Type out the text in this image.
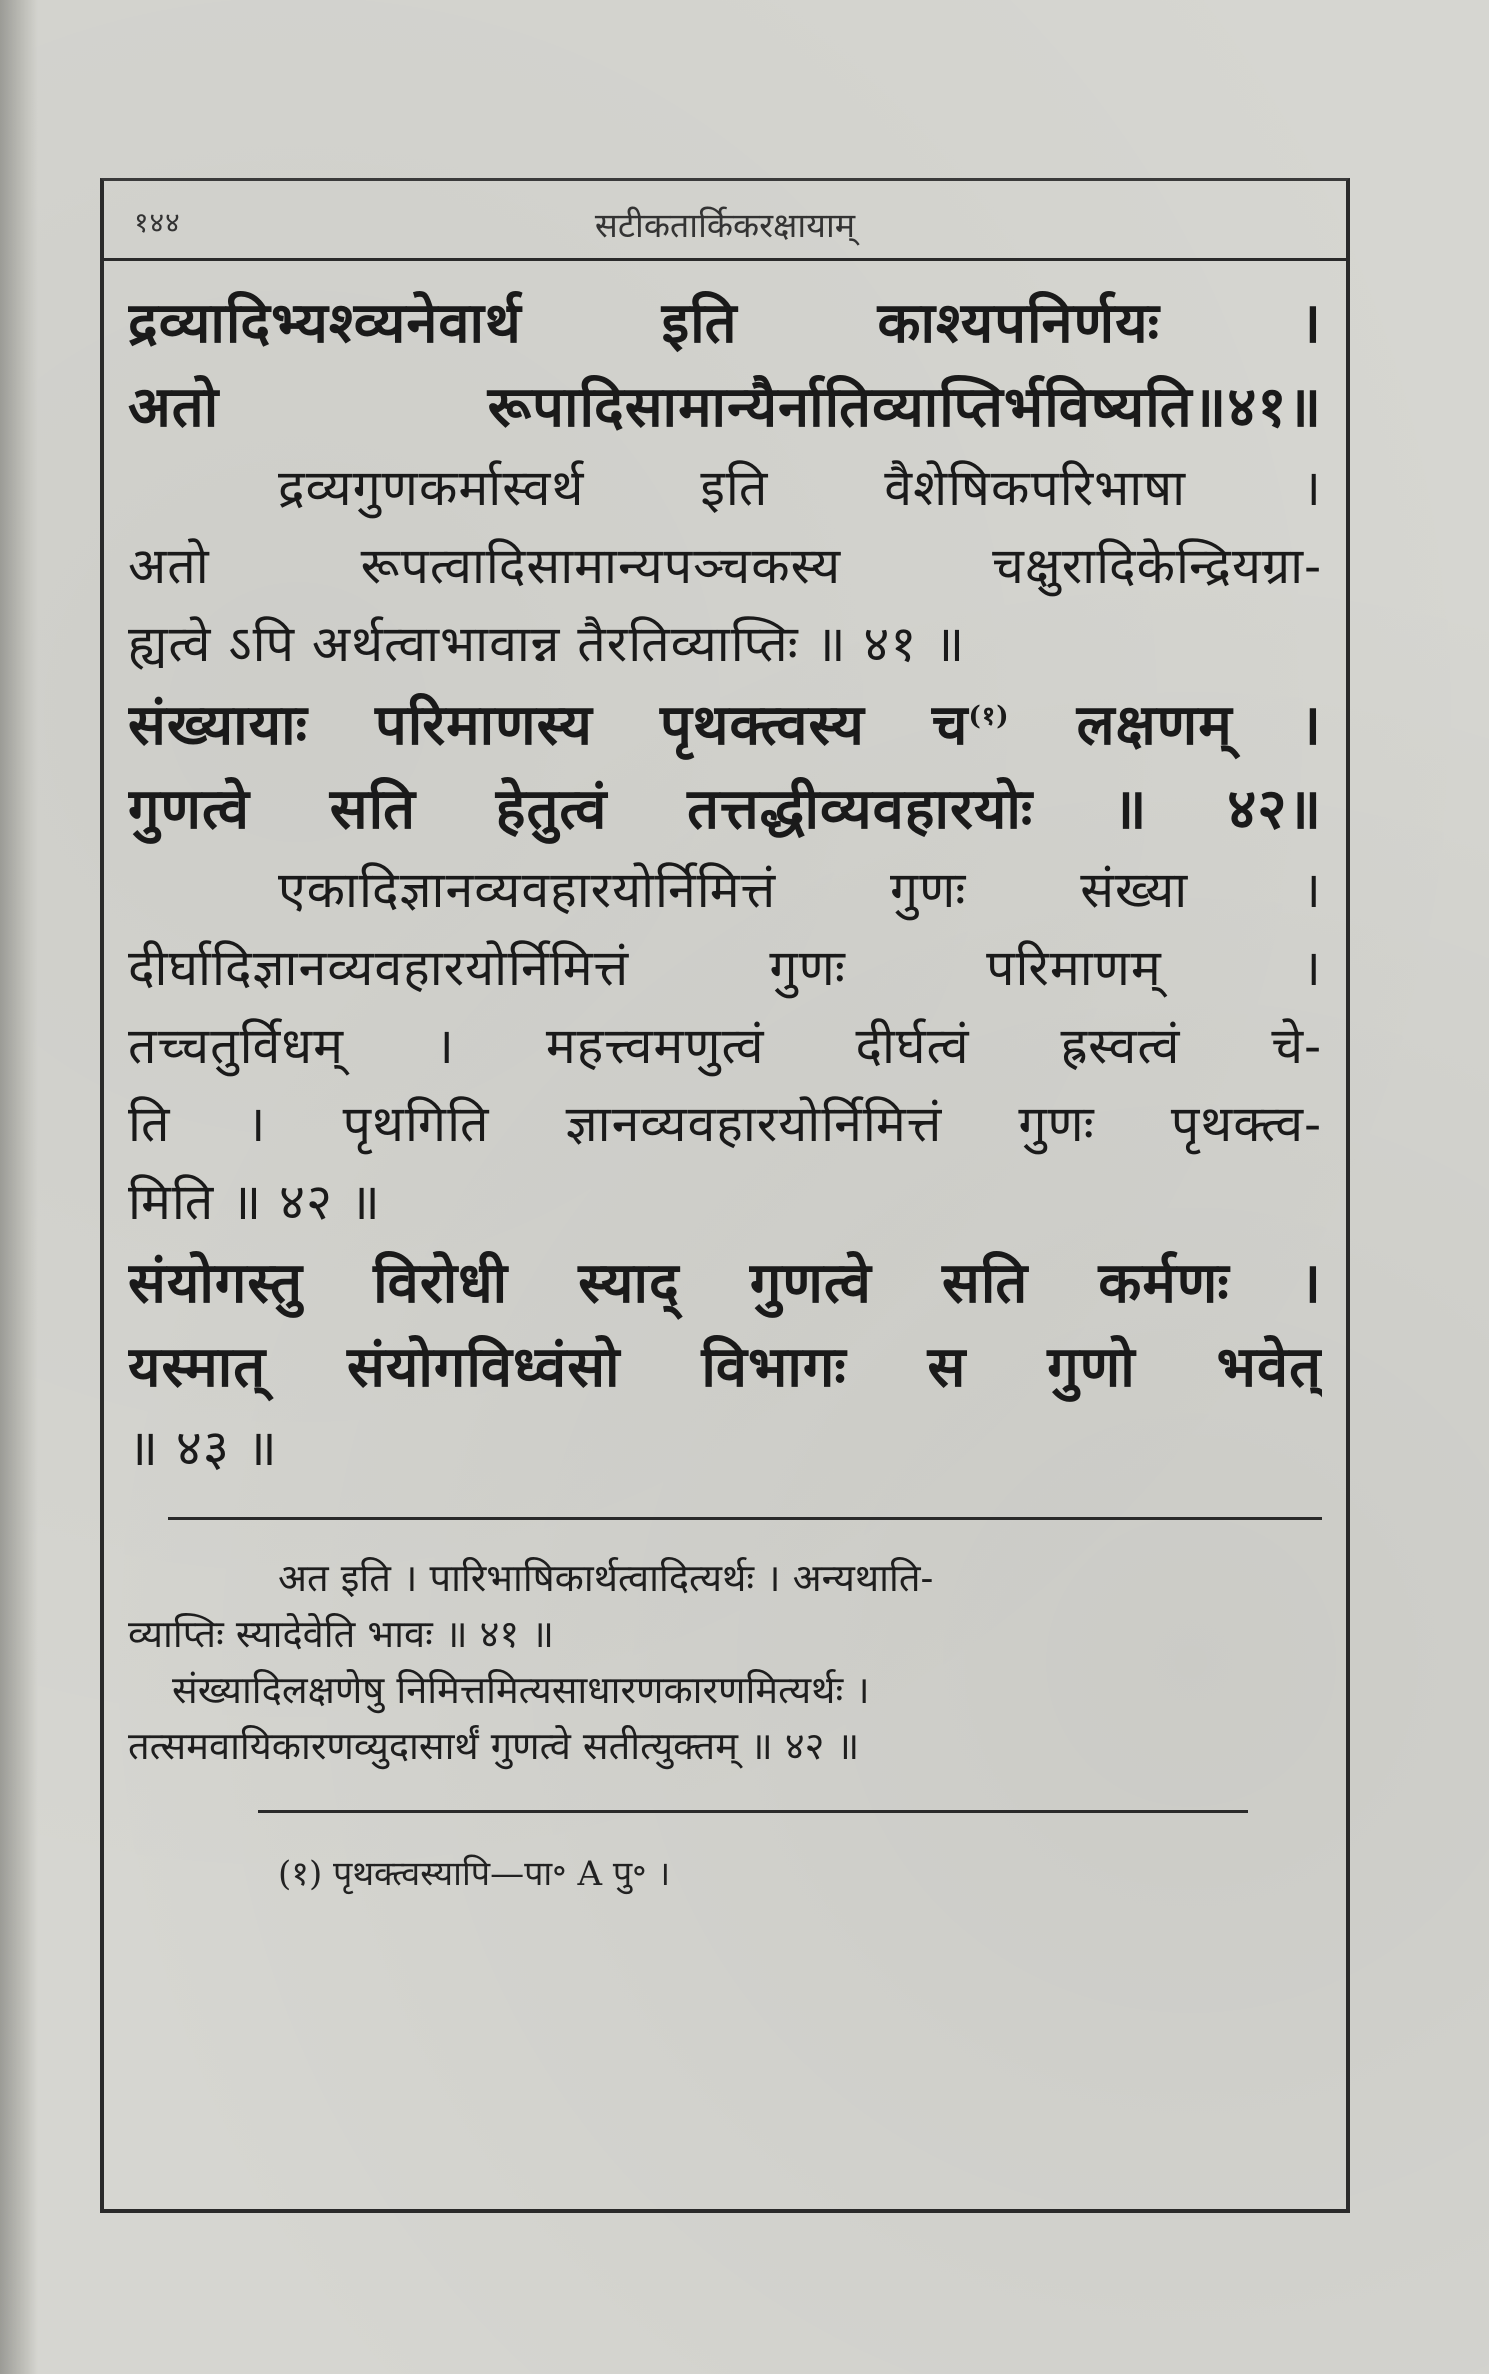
१४४	सटीकतार्किकरक्षायाम्
द्रव्यादिभ्यश्व्यनेवार्थ इति काश्यपनिर्णयः ।
अतो रूपादिसामान्यैर्नातिव्याप्तिर्भविष्यति॥४१॥
द्रव्यगुणकर्मास्वर्थ इति वैशेषिकपरिभाषा ।
अतो रूपत्वादिसामान्यपञ्चकस्य चक्षुरादिकेन्द्रियग्रा-
ह्यत्वे ऽपि अर्थत्वाभावान्न तैरतिव्याप्तिः ॥ ४१ ॥
संख्यायाः परिमाणस्य पृथक्त्वस्य च$^{(१)}$ लक्षणम् ।
गुणत्वे सति हेतुत्वं तत्तद्धीव्यवहारयोः ॥ ४२॥
एकादिज्ञानव्यवहारयोर्निमित्तं गुणः संख्या ।
दीर्घादिज्ञानव्यवहारयोर्निमित्तं गुणः परिमाणम् ।
तच्चतुर्विधम् । महत्त्वमणुत्वं दीर्घत्वं ह्रस्वत्वं चे-
ति । पृथगिति ज्ञानव्यवहारयोर्निमित्तं गुणः पृथक्त्व-
मिति ॥ ४२ ॥
संयोगस्तु विरोधी स्याद् गुणत्वे सति कर्मणः ।
यस्मात् संयोगविध्वंसो विभागः स गुणो भवेत्
॥ ४३ ॥
अत इति । पारिभाषिकार्थत्वादित्यर्थः । अन्यथाति-
व्याप्तिः स्यादेवेति भावः ॥ ४१ ॥
संख्यादिलक्षणेषु निमित्तमित्यसाधारणकारणमित्यर्थः ।
तत्समवायिकारणव्युदासार्थं गुणत्वे सतीत्युक्तम् ॥ ४२ ॥
(१) पृथक्त्वस्यापि—पा॰ A पु॰ ।
